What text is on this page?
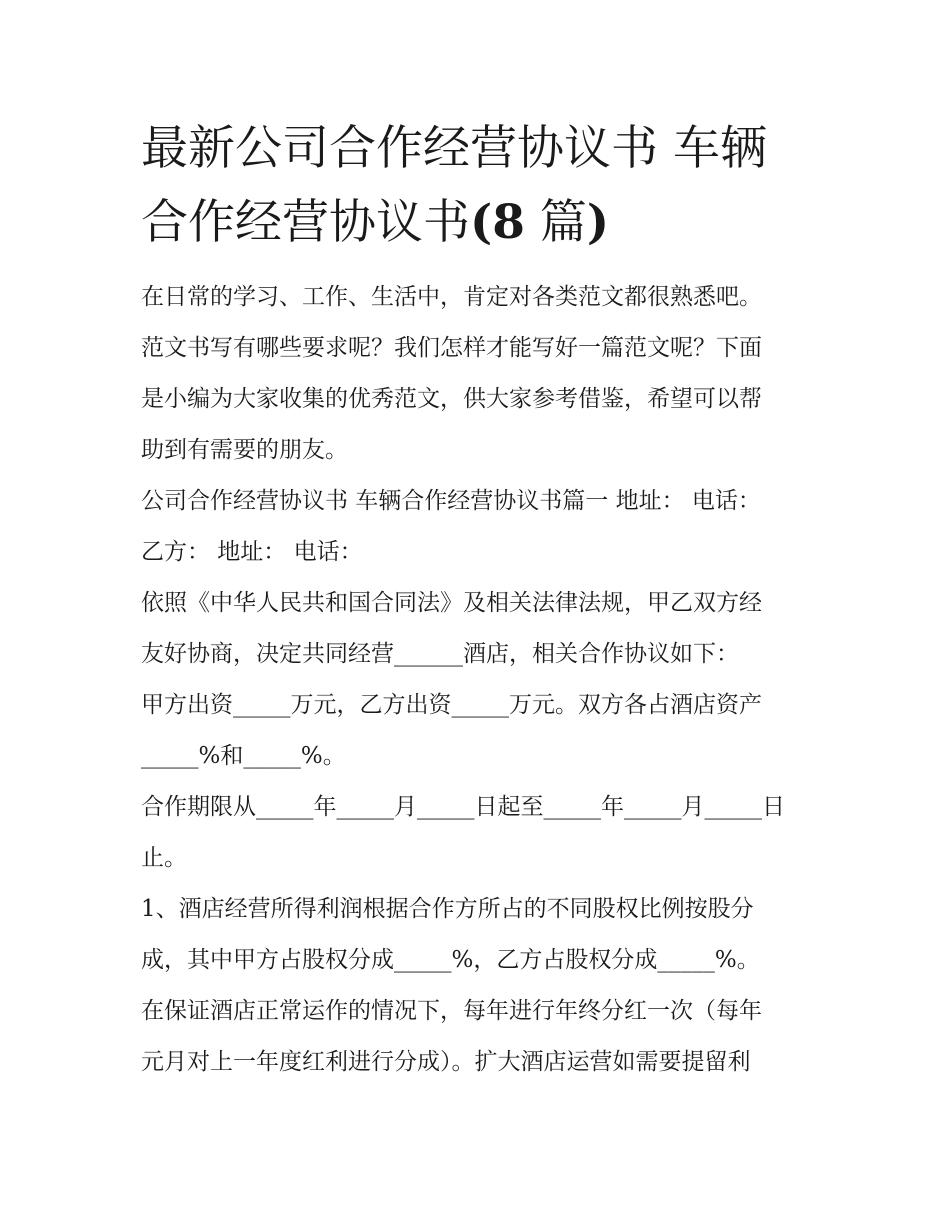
最新公司合作经营协议书 车辆
合作经营协议书(8 篇)

在日常的学习、工作、生活中，肯定对各类范文都很熟悉吧。
范文书写有哪些要求呢？我们怎样才能写好一篇范文呢？下面
是小编为大家收集的优秀范文，供大家参考借鉴，希望可以帮
助到有需要的朋友。

公司合作经营协议书 车辆合作经营协议书篇一 地址： 电话：
乙方： 地址： 电话：

依照《中华人民共和国合同法》及相关法律法规，甲乙双方经
友好协商，决定共同经营______酒店，相关合作协议如下：

甲方出资_____万元，乙方出资_____万元。双方各占酒店资产
_____%和_____%。

合作期限从_____年_____月_____日起至_____年_____月_____日
止。

1、酒店经营所得利润根据合作方所占的不同股权比例按股分
成，其中甲方占股权分成_____%，乙方占股权分成_____%。
在保证酒店正常运作的情况下，每年进行年终分红一次（每年
元月对上一年度红利进行分成）。扩大酒店运营如需要提留利
